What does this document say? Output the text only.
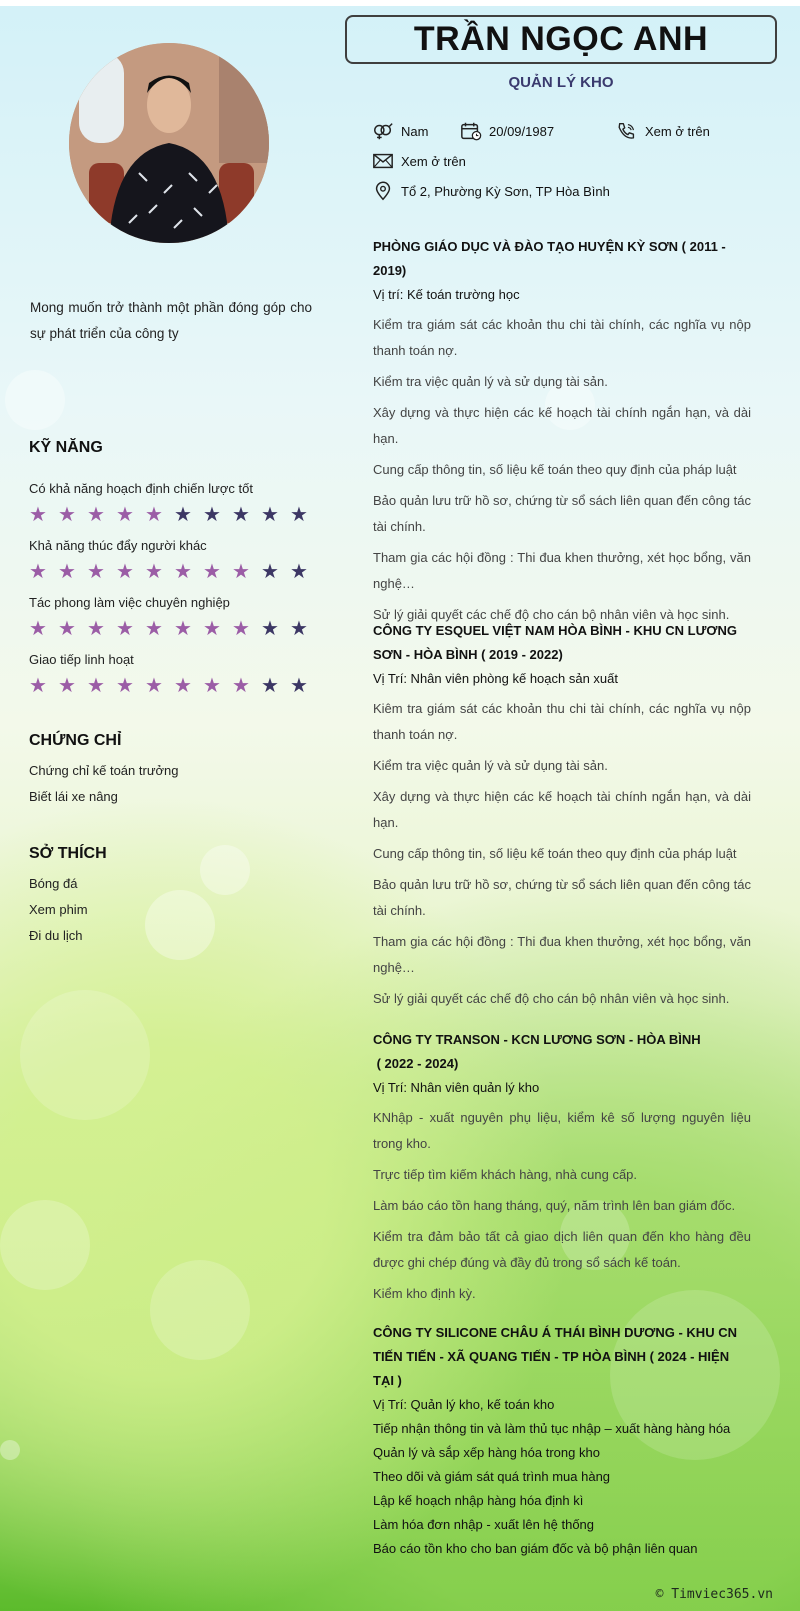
Mong muốn trở thành một phần đóng góp cho sự phát triển của công ty
KỸ NĂNG
Có khả năng hoạch định chiến lược tốt
★ ★ ★ ★ ★ ★ ★ ★ ★ ★
Khả năng thúc đẩy người khác
★ ★ ★ ★ ★ ★ ★ ★ ★ ★
Tác phong làm việc chuyên nghiệp
★ ★ ★ ★ ★ ★ ★ ★ ★ ★
Giao tiếp linh hoạt
★ ★ ★ ★ ★ ★ ★ ★ ★ ★
CHỨNG CHỈ
Chứng chỉ kế toán trưởng
Biết lái xe nâng
SỞ THÍCH
Bóng đá
Xem phim
Đi du lịch
TRẦN NGỌC ANH
QUẢN LÝ KHO
Nam	20/09/1987	Xem ở trên
Xem ở trên
Tổ 2, Phường Kỳ Sơn, TP Hòa Bình
PHÒNG GIÁO DỤC VÀ ĐÀO TẠO HUYỆN KỲ SƠN ( 2011 - 2019)
Vị trí: Kế toán trường học
Kiểm tra giám sát các khoản thu chi tài chính, các nghĩa vụ nộp thanh toán nợ.
Kiểm tra việc quản lý và sử dụng tài sản.
Xây dựng và thực hiện các kế hoạch tài chính ngắn hạn, và dài hạn.
Cung cấp thông tin, số liệu kế toán theo quy định của pháp luật
Bảo quản lưu trữ hồ sơ, chứng từ sổ sách liên quan đến công tác tài chính.
Tham gia các hội đồng : Thi đua khen thưởng, xét học bổng, văn nghệ…
Sử lý giải quyết các chế độ cho cán bộ nhân viên và học sinh.
CÔNG TY ESQUEL VIỆT NAM HÒA BÌNH - KHU CN LƯƠNG SƠN - HÒA BÌNH ( 2019 - 2022)
Vị Trí: Nhân viên phòng kế hoạch sản xuất
Kiêm tra giám sát các khoản thu chi tài chính, các nghĩa vụ nộp thanh toán nợ.
Kiểm tra việc quản lý và sử dụng tài sản.
Xây dựng và thực hiện các kế hoạch tài chính ngắn hạn, và dài hạn.
Cung cấp thông tin, số liệu kế toán theo quy định của pháp luật
Bảo quản lưu trữ hồ sơ, chứng từ sổ sách liên quan đến công tác tài chính.
Tham gia các hội đồng : Thi đua khen thưởng, xét học bổng, văn nghệ…
Sử lý giải quyết các chế độ cho cán bộ nhân viên và học sinh.
CÔNG TY TRANSON - KCN LƯƠNG SƠN - HÒA BÌNH
( 2022 - 2024)
Vị Trí: Nhân viên quản lý kho
KNhập - xuất nguyên phụ liệu, kiểm kê số lượng nguyên liệu trong kho.
Trực tiếp tìm kiếm khách hàng, nhà cung cấp.
Làm báo cáo tồn hang tháng, quý, năm trình lên ban giám đốc.
Kiểm tra đảm bảo tất cả giao dịch liên quan đến kho hàng đều được ghi chép đúng và đầy đủ trong sổ sách kế toán.
Kiểm kho định kỳ.
CÔNG TY SILICONE CHÂU Á THÁI BÌNH DƯƠNG - KHU CN TIẾN TIẾN - XÃ QUANG TIẾN - TP HÒA BÌNH ( 2024 - HIỆN TẠI )
Vị Trí: Quản lý kho, kế toán kho
Tiếp nhận thông tin và làm thủ tục nhập – xuất hàng hàng hóa
Quản lý và sắp xếp hàng hóa trong kho
Theo dõi và giám sát quá trình mua hàng
Lập kế hoạch nhập hàng hóa định kì
Làm hóa đơn nhập - xuất lên hệ thống
Báo cáo tồn kho cho ban giám đốc và bộ phận liên quan
© Timviec365.vn
